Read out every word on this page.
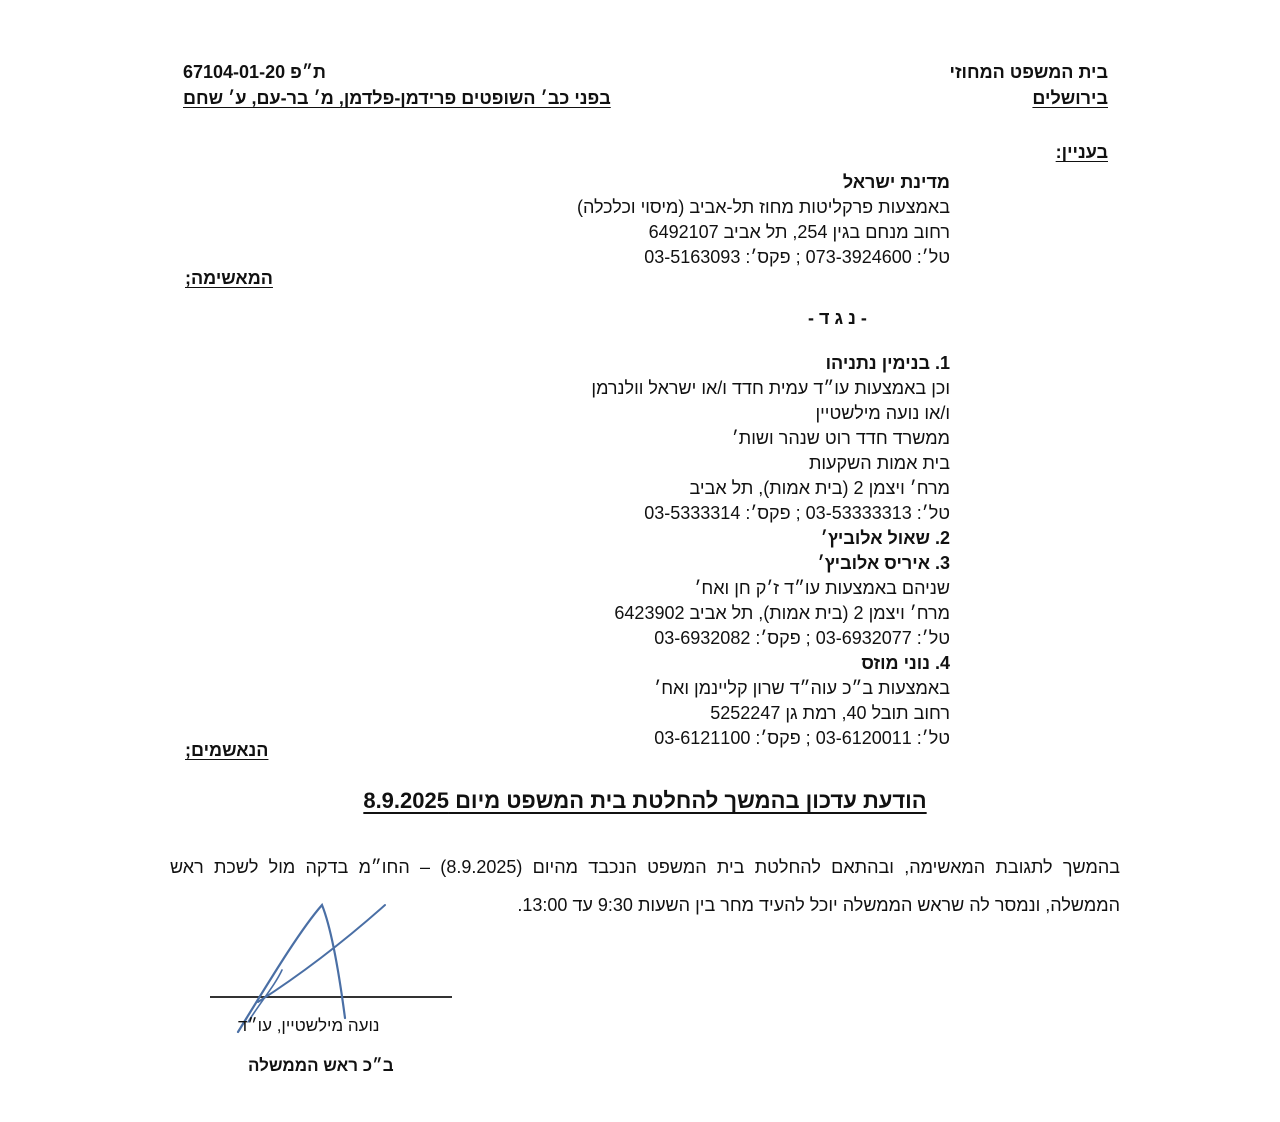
בית המשפט המחוזי
בירושלים
ת״פ 67104-01-20
בפני כב׳ השופטים פרידמן-פלדמן, מ׳ בר-עם, ע׳ שחם
בעניין:
מדינת ישראל
באמצעות פרקליטות מחוז תל-אביב (מיסוי וכלכלה)
רחוב מנחם בגין 254, תל אביב 6492107
טל׳: 073-3924600 ; פקס׳: 03-5163093
המאשימה;
- נ ג ד -
1. בנימין נתניהו
וכן באמצעות עו״ד עמית חדד ו/או ישראל וולנרמן
ו/או נועה מילשטיין
ממשרד חדד רוט שנהר ושות׳
בית אמות השקעות
מרח׳ ויצמן 2 (בית אמות), תל אביב
טל׳: 03-53333313 ; פקס׳: 03-5333314
2. שאול אלוביץ׳
3. איריס אלוביץ׳
שניהם באמצעות עו״ד ז׳ק חן ואח׳
מרח׳ ויצמן 2 (בית אמות), תל אביב 6423902
טל׳: 03-6932077 ; פקס׳: 03-6932082
4. נוני מוזס
באמצעות ב״כ עוה״ד שרון קליינמן ואח׳
רחוב תובל 40, רמת גן 5252247
טל׳: 03-6120011 ; פקס׳: 03-6121100
הנאשמים;
הודעת עדכון בהמשך להחלטת בית המשפט מיום 8.9.2025
בהמשך לתגובת המאשימה, ובהתאם להחלטת בית המשפט הנכבד מהיום (8.9.2025) – החו״מ בדקה מול לשכת ראש הממשלה, ונמסר לה שראש הממשלה יוכל להעיד מחר בין השעות 9:30 עד 13:00.
נועה מילשטיין, עו״ד
ב״כ ראש הממשלה
